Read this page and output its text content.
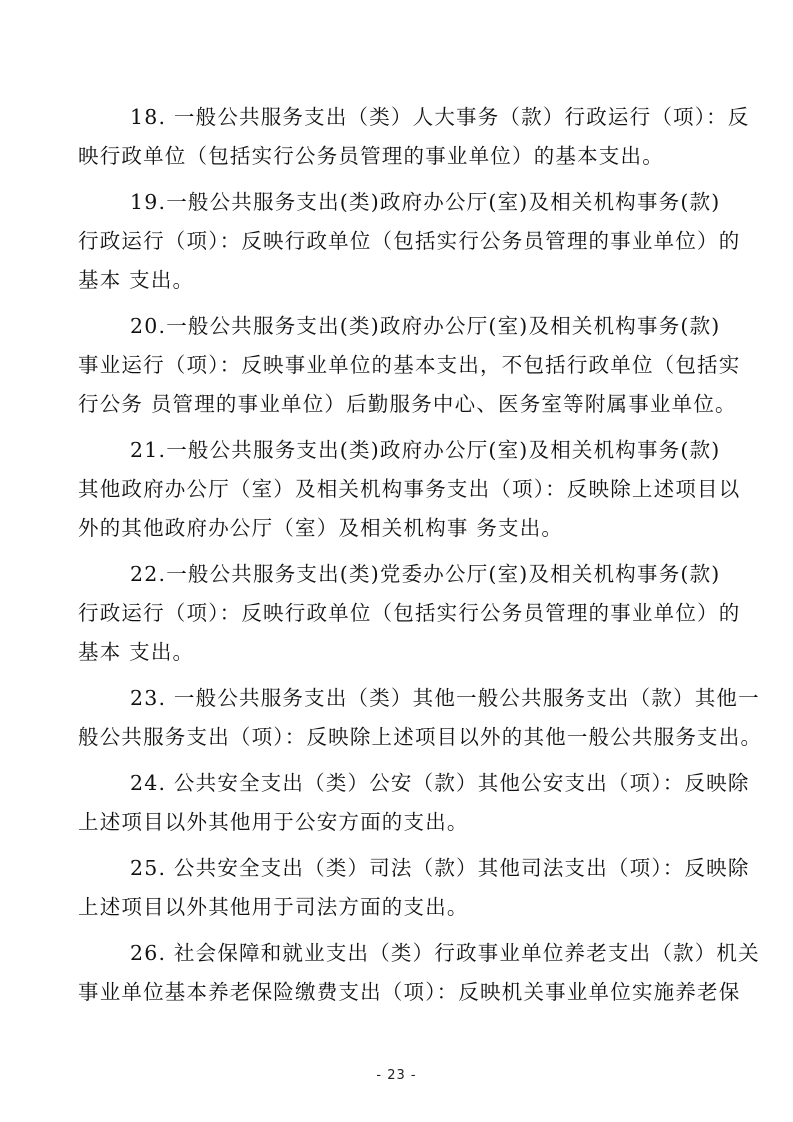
18. 一般公共服务支出（类）人大事务（款）行政运行（项）：反
映行政单位（包括实行公务员管理的事业单位）的基本支出。

19.一般公共服务支出(类)政府办公厅(室)及相关机构事务(款)
行政运行（项）：反映行政单位（包括实行公务员管理的事业单位）的
基本 支出。

20.一般公共服务支出(类)政府办公厅(室)及相关机构事务(款)
事业运行（项）：反映事业单位的基本支出，不包括行政单位（包括实
行公务 员管理的事业单位）后勤服务中心、医务室等附属事业单位。

21.一般公共服务支出(类)政府办公厅(室)及相关机构事务(款)
其他政府办公厅（室）及相关机构事务支出（项）：反映除上述项目以
外的其他政府办公厅（室）及相关机构事 务支出。

22.一般公共服务支出(类)党委办公厅(室)及相关机构事务(款)
行政运行（项）：反映行政单位（包括实行公务员管理的事业单位）的
基本 支出。

23. 一般公共服务支出（类）其他一般公共服务支出（款）其他一
般公共服务支出（项）：反映除上述项目以外的其他一般公共服务支出。

24. 公共安全支出（类）公安（款）其他公安支出（项）：反映除
上述项目以外其他用于公安方面的支出。

25. 公共安全支出（类）司法（款）其他司法支出（项）：反映除
上述项目以外其他用于司法方面的支出。

26. 社会保障和就业支出（类）行政事业单位养老支出（款）机关
事业单位基本养老保险缴费支出（项）：反映机关事业单位实施养老保

- 23 -
